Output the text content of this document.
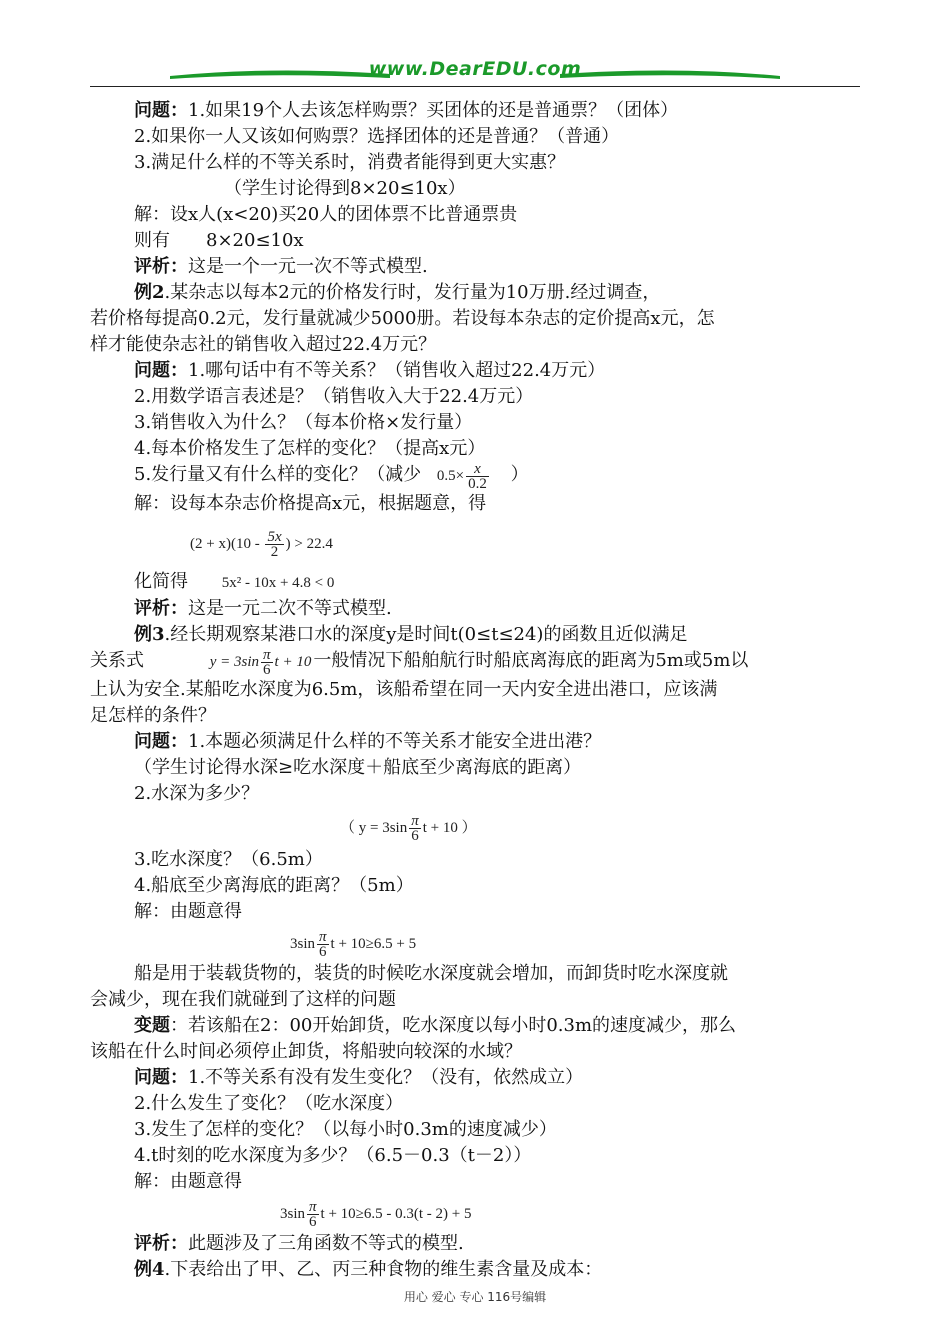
www.DearEDU.com
问题：1.如果19个人去该怎样购票？买团体的还是普通票？（团体）
2.如果你一人又该如何购票？选择团体的还是普通？（普通）
3.满足什么样的不等关系时，消费者能得到更大实惠？
（学生讨论得到8×20≤10x）
解：设x人(x<20)买20人的团体票不比普通票贵
则有　　8×20≤10x
评析：这是一个一元一次不等式模型.
例2.某杂志以每本2元的价格发行时，发行量为10万册.经过调查，
若价格每提高0.2元，发行量就减少5000册。若设每本杂志的定价提高x元，怎
样才能使杂志社的销售收入超过22.4万元？
问题：1.哪句话中有不等关系？（销售收入超过22.4万元）
2.用数学语言表述是？（销售收入大于22.4万元）
3.销售收入为什么？（每本价格×发行量）
4.每本价格发生了怎样的变化？（提高x元）
5.发行量又有什么样的变化？（减少 $0.5\times \frac{x}{0.2}$ ）
解：设每本杂志价格提高x元，根据题意，得
$(2 + x)(10 - \frac{5x}{2}$ ) > 22.4
化简得 5x² - 10x + 4.8 < 0
评析：这是一元二次不等式模型.
例3.经长期观察某港口水的深度y是时间t(0≤t≤24)的函数且近似满足
关系式	$y = 3\sin \frac{\pi}{6}$ t + 10 一般情况下船舶航行时船底离海底的距离为5m或5m以
上认为安全.某船吃水深度为6.5m，该船希望在同一天内安全进出港口，应该满
足怎样的条件？
问题：1.本题必须满足什么样的不等关系才能安全进出港？
（学生讨论得水深≥吃水深度＋船底至少离海底的距离）
2.水深为多少？
（ $y = 3\sin \frac{\pi}{6}$ t + 10 ）
3.吃水深度？（6.5m）
4.船底至少离海底的距离？（5m）
解：由题意得
$3\sin \frac{\pi}{6}$ t + 10≥6.5 + 5
船是用于装载货物的，装货的时候吃水深度就会增加，而卸货时吃水深度就
会减少，现在我们就碰到了这样的问题
变题：若该船在2：00开始卸货，吃水深度以每小时0.3m的速度减少，那么
该船在什么时间必须停止卸货，将船驶向较深的水域？
问题：1.不等关系有没有发生变化？（没有，依然成立）
2.什么发生了变化？（吃水深度）
3.发生了怎样的变化？（以每小时0.3m的速度减少）
4.t时刻的吃水深度为多少？（6.5－0.3（t－2））
解：由题意得
$3\sin \frac{\pi}{6}$ t + 10≥6.5 - 0.3(t - 2) + 5
评析：此题涉及了三角函数不等式的模型.
例4.下表给出了甲、乙、丙三种食物的维生素含量及成本：
用心 爱心 专心 116号编辑
